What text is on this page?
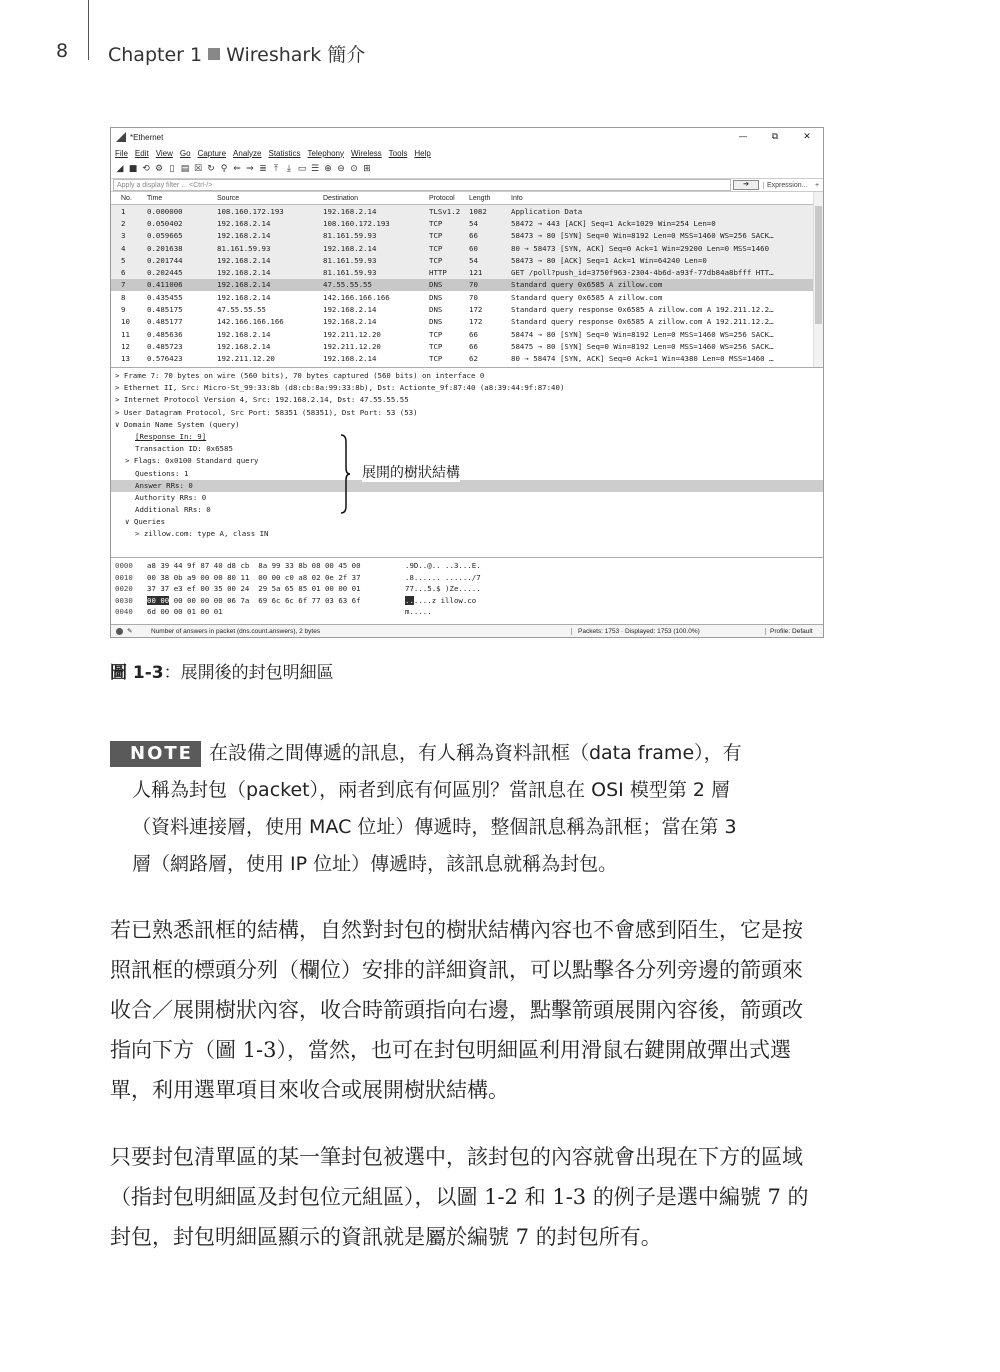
8 Chapter 1 Wireshark 簡介
*Ethernet	—	⧉	✕
File Edit View Go Capture Analyze Statistics Telephony Wireless Tools Help
◢ ■ ⟲ ⚙ ▯ ▤ ☒ ↻ ⚲ ⇐ ⇒ ≣ ⤒	⤓ ▭ ☰ ⊕ ⊖ ⊙ ⊞
Apply a display filter ... <Ctrl-/>	➔	Expression...	+
No.	Time	Source	Destination	Protocol	Length	Info
1	0.000000	108.160.172.193	192.168.2.14	TLSv1.2	1082	Application Data
2	0.050402	192.168.2.14	108.160.172.193	TCP	54	58472 → 443 [ACK] Seq=1 Ack=1029 Win=254 Len=0
3	0.059665	192.168.2.14	81.161.59.93	TCP	66	58473 → 80 [SYN] Seq=0 Win=8192 Len=0 MSS=1460 WS=256 SACK…
4	0.201638	81.161.59.93	192.168.2.14	TCP	60	80 → 58473 [SYN, ACK] Seq=0 Ack=1 Win=29200 Len=0 MSS=1460
5	0.201744	192.168.2.14	81.161.59.93	TCP	54	58473 → 80 [ACK] Seq=1 Ack=1 Win=64240 Len=0
6	0.202445	192.168.2.14	81.161.59.93	HTTP	121	GET /poll?push_id=3750f963-2304-4b6d-a93f-77db84a8bfff HTT…
7	0.411006	192.168.2.14	47.55.55.55	DNS	70	Standard query 0x6585 A zillow.com
8	0.435455	192.168.2.14	142.166.166.166	DNS	70	Standard query 0x6585 A zillow.com
9	0.485175	47.55.55.55	192.168.2.14	DNS	172	Standard query response 0x6585 A zillow.com A 192.211.12.2…
10	0.485177	142.166.166.166	192.168.2.14	DNS	172	Standard query response 0x6585 A zillow.com A 192.211.12.2…
11	0.485636	192.168.2.14	192.211.12.20	TCP	66	58474 → 80 [SYN] Seq=0 Win=8192 Len=0 MSS=1460 WS=256 SACK…
12	0.485723	192.168.2.14	192.211.12.20	TCP	66	58475 → 80 [SYN] Seq=0 Win=8192 Len=0 MSS=1460 WS=256 SACK…
13	0.576423	192.211.12.20	192.168.2.14	TCP	62	80 → 58474 [SYN, ACK] Seq=0 Ack=1 Win=4380 Len=0 MSS=1460 …
> Frame 7: 70 bytes on wire (560 bits), 70 bytes captured (560 bits) on interface 0
> Ethernet II, Src: Micro-St_99:33:8b (d8:cb:8a:99:33:8b), Dst: Actionte_9f:87:40 (a8:39:44:9f:87:40)
> Internet Protocol Version 4, Src: 192.168.2.14, Dst: 47.55.55.55
> User Datagram Protocol, Src Port: 58351 (58351), Dst Port: 53 (53)
∨ Domain Name System (query)
[Response In: 9]
Transaction ID: 0x6585
> Flags: 0x0100 Standard query
Questions: 1
Answer RRs: 0
Authority RRs: 0
Additional RRs: 0
∨ Queries
> zillow.com: type A, class IN
0000	a8 39 44 9f 87 40 d8 cb  8a 99 33 8b 08 00 45 00	.9D..@.. ..3...E.
0010	00 38 0b a9 00 00 80 11  00 00 c0 a8 02 0e 2f 37	.8...... ....../7
0020	37 37 e3 ef 00 35 00 24  29 5a 65 85 01 00 00 01	77...5.$ )Ze.....
0030	00 00 00 00 00 00 06 7a  69 6c 6c 6f 77 03 63 6f	......z illow.co
0040	6d 00 00 01 00 01	m.....
✎	Number of answers in packet (dns.count.answers), 2 bytes	Packets: 1753 · Displayed: 1753 (100.0%)	Profile: Default
展開的樹狀結構
圖 1-3：展開後的封包明細區
NOTE 在設備之間傳遞的訊息，有人稱為資料訊框（data frame），有
人稱為封包（packet），兩者到底有何區別？當訊息在 OSI 模型第 2 層
（資料連接層，使用 MAC 位址）傳遞時，整個訊息稱為訊框；當在第 3
層（網路層，使用 IP 位址）傳遞時，該訊息就稱為封包。
若已熟悉訊框的結構，自然對封包的樹狀結構內容也不會感到陌生，它是按
照訊框的標頭分列（欄位）安排的詳細資訊，可以點擊各分列旁邊的箭頭來
收合／展開樹狀內容，收合時箭頭指向右邊，點擊箭頭展開內容後，箭頭改
指向下方（圖 1-3），當然，也可在封包明細區利用滑鼠右鍵開啟彈出式選
單，利用選單項目來收合或展開樹狀結構。
只要封包清單區的某一筆封包被選中，該封包的內容就會出現在下方的區域
（指封包明細區及封包位元組區），以圖 1-2 和 1-3 的例子是選中編號 7 的
封包，封包明細區顯示的資訊就是屬於編號 7 的封包所有。
